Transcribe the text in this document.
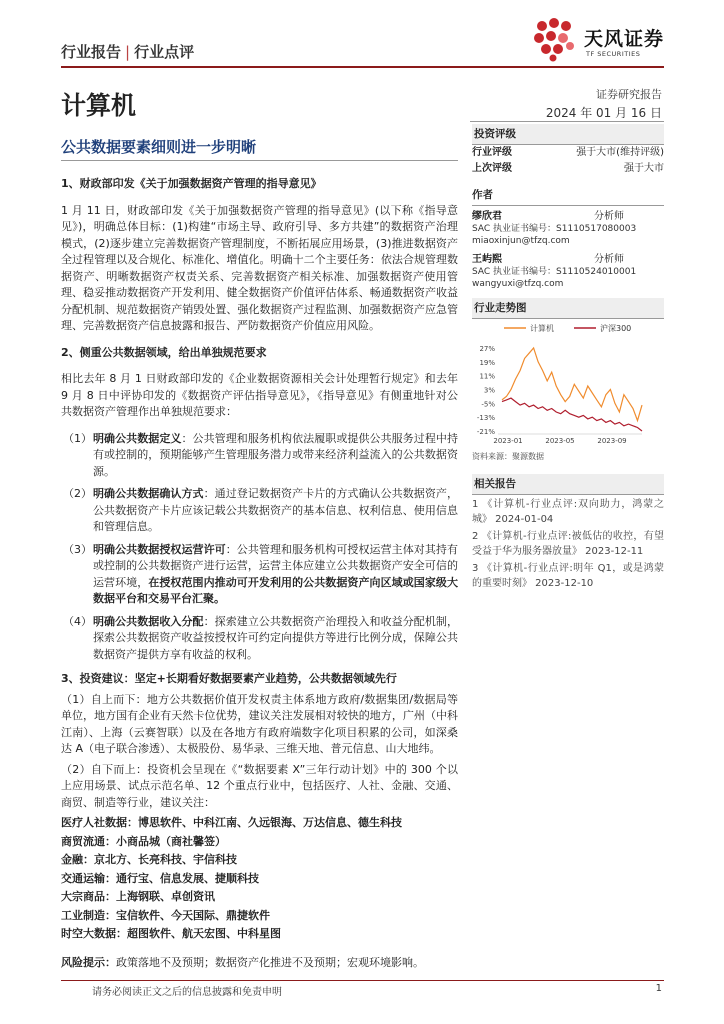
行业报告 | 行业点评
天风证券
TF SECURITIES
计算机	证券研究报告
2024 年 01 月 16 日
公共数据要素细则进一步明晰
1、财政部印发《关于加强数据资产管理的指导意见》
1 月 11 日，财政部印发《关于加强数据资产管理的指导意见》(以下称《指导意见》)，明确总体目标：(1)构建“市场主导、政府引导、多方共建”的数据资产治理模式，(2)逐步建立完善数据资产管理制度，不断拓展应用场景，(3)推进数据资产全过程管理以及合规化、标准化、增值化。明确十二个主要任务：依法合规管理数据资产、明晰数据资产权责关系、完善数据资产相关标准、加强数据资产使用管理、稳妥推动数据资产开发利用、健全数据资产价值评估体系、畅通数据资产收益分配机制、规范数据资产销毁处置、强化数据资产过程监测、加强数据资产应急管理、完善数据资产信息披露和报告、严防数据资产价值应用风险。
2、侧重公共数据领域，给出单独规范要求
相比去年 8 月 1 日财政部印发的《企业数据资源相关会计处理暂行规定》和去年 9 月 8 日中评协印发的《数据资产评估指导意见》，《指导意见》有侧重地针对公共数据资产管理作出单独规范要求：
（1） 明确公共数据定义：公共管理和服务机构依法履职或提供公共服务过程中持有或控制的，预期能够产生管理服务潜力或带来经济利益流入的公共数据资源。
（2） 明确公共数据确认方式：通过登记数据资产卡片的方式确认公共数据资产，公共数据资产卡片应该记载公共数据资产的基本信息、权利信息、使用信息和管理信息。
（3） 明确公共数据授权运营许可：公共管理和服务机构可授权运营主体对其持有或控制的公共数据资产进行运营，运营主体应建立公共数据资产安全可信的运营环境，在授权范围内推动可开发利用的公共数据资产向区域或国家级大数据平台和交易平台汇聚。
（4） 明确公共数据收入分配：探索建立公共数据资产治理投入和收益分配机制，探索公共数据资产收益按授权许可约定向提供方等进行比例分成，保障公共数据资产提供方享有收益的权利。
3、投资建议：坚定+长期看好数据要素产业趋势，公共数据领域先行
（1）自上而下：地方公共数据价值开发权责主体系地方政府/数据集团/数据局等单位，地方国有企业有天然卡位优势，建议关注发展相对较快的地方，广州（中科江南）、上海（云赛智联）以及在各地方有政府端数字化项目积累的公司，如深桑达 A（电子联合渗透）、太极股份、易华录、三维天地、普元信息、山大地纬。
（2）自下而上：投资机会呈现在《“数据要素 X”三年行动计划》中的 300 个以上应用场景、试点示范名单、12 个重点行业中，包括医疗、人社、金融、交通、商贸、制造等行业，建议关注：
医疗人社数据：博思软件、中科江南、久远银海、万达信息、德生科技
商贸流通：小商品城（商社馨签）
金融：京北方、长亮科技、宇信科技
交通运输：通行宝、信息发展、捷顺科技
大宗商品：上海钢联、卓创资讯
工业制造：宝信软件、今天国际、鼎捷软件
时空大数据：超图软件、航天宏图、中科星图
风险提示：政策落地不及预期；数据资产化推进不及预期；宏观环境影响。
投资评级
行业评级	强于大市(维持评级)
上次评级	强于大市
作者
缪欣君	分析师
SAC 执业证书编号：S1110517080003
miaoxinjun@tfzq.com
王屿熙	分析师
SAC 执业证书编号：S1110524010001
wangyuxi@tfzq.com
行业走势图
计算机	沪深300
27%
19%
11%
3%
-5%
-13%
-21%
2023-01	2023-05	2023-09
资料来源：聚源数据
相关报告
1 《计算机-行业点评:双向助力，鸿蒙之城》 2024-01-04
2 《计算机-行业点评:被低估的收控，有望受益于华为服务器放量》 2023-12-11
3 《计算机-行业点评:明年 Q1，或是鸿蒙的重要时刻》 2023-12-10
请务必阅读正文之后的信息披露和免责申明	1
